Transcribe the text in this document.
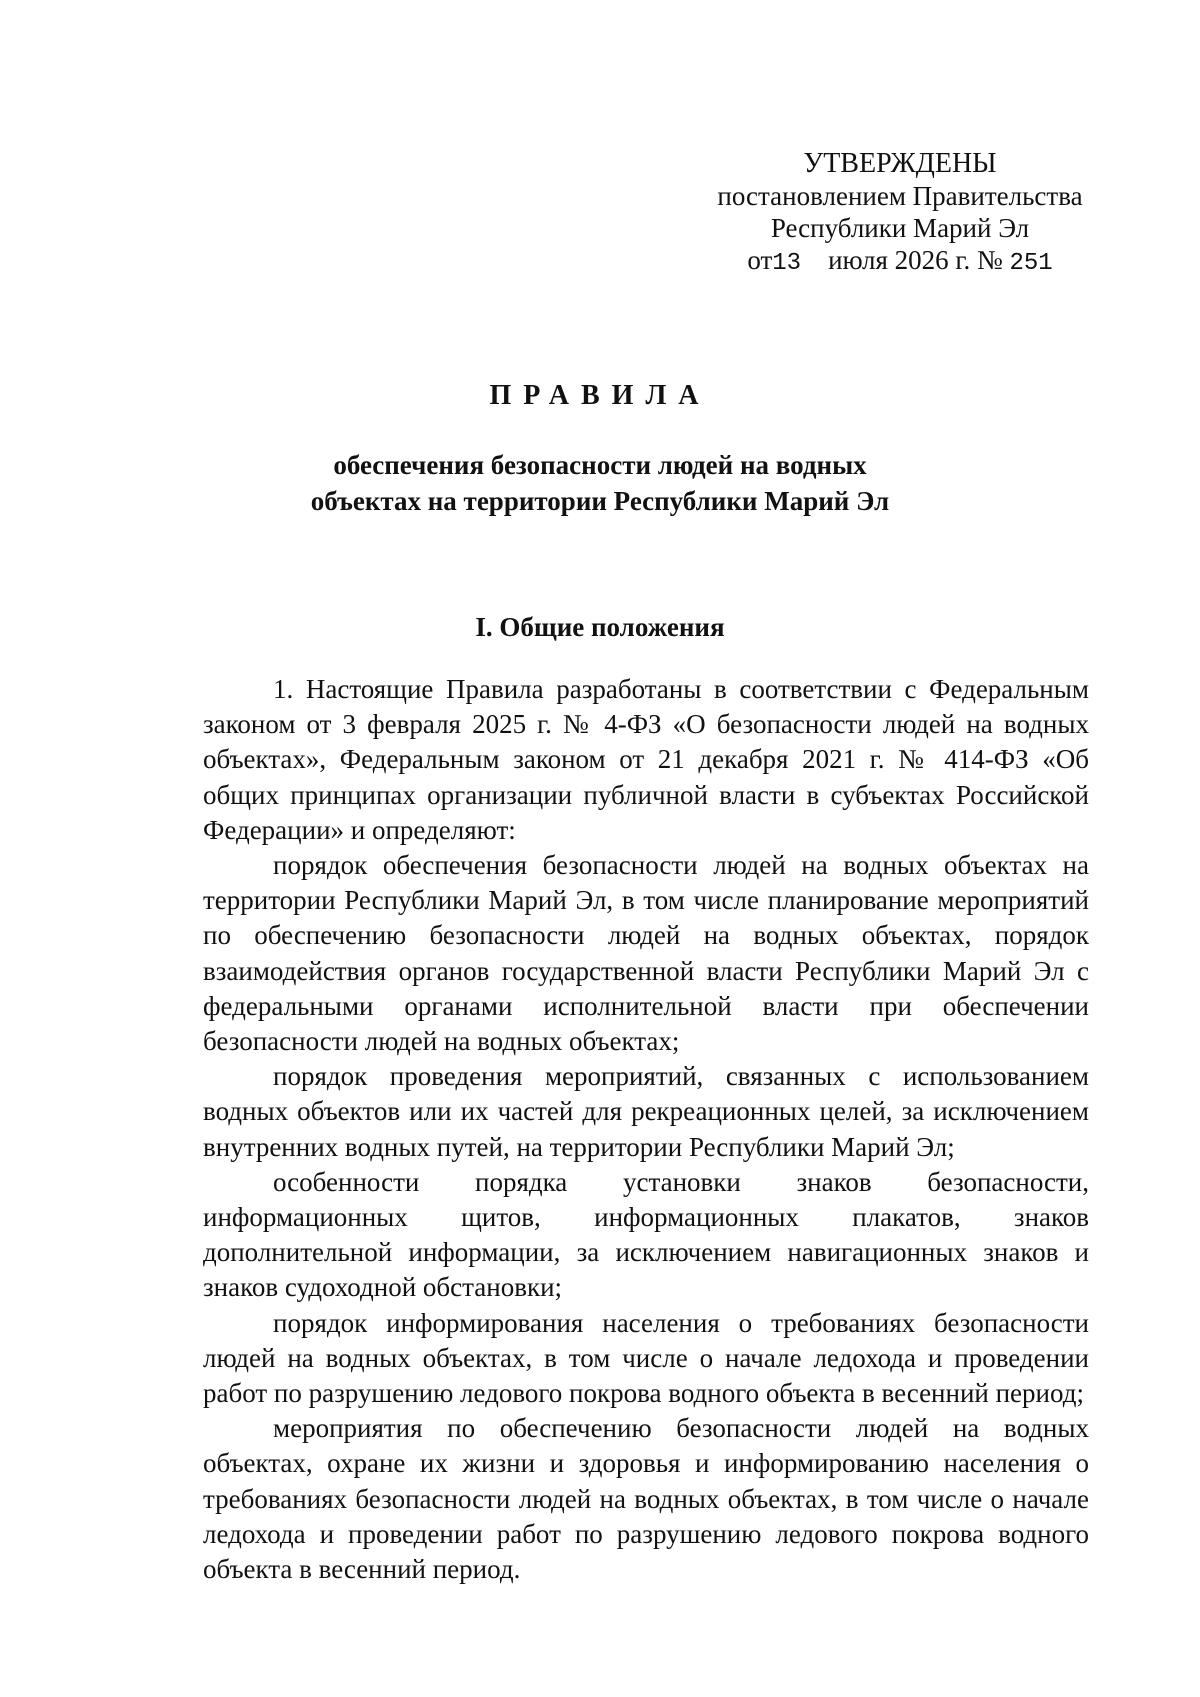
УТВЕРЖДЕНЫ
постановлением Правительства
Республики Марий Эл
от13 июля 2026 г. № 251
ПРАВИЛА
обеспечения безопасности людей на водных
объектах на территории Республики Марий Эл
I. Общие положения

1. Настоящие Правила разработаны в соответствии с Федеральным законом от 3 февраля 2025 г. № 4-ФЗ «О безопасности людей на водных объектах», Федеральным законом от 21 декабря 2021 г. № 414-ФЗ «Об общих принципах организации публичной власти в субъектах Российской Федерации» и определяют:

порядок обеспечения безопасности людей на водных объектах на территории Республики Марий Эл, в том числе планирование мероприятий по обеспечению безопасности людей на водных объектах, порядок взаимодействия органов государственной власти Республики Марий Эл с федеральными органами исполнительной власти при обеспечении безопасности людей на водных объектах;

порядок проведения мероприятий, связанных с использованием водных объектов или их частей для рекреационных целей, за исключением внутренних водных путей, на территории Республики Марий Эл;

особенности порядка установки знаков безопасности, информационных щитов, информационных плакатов, знаков дополнительной информации, за исключением навигационных знаков и знаков судоходной обстановки;

порядок информирования населения о требованиях безопасности людей на водных объектах, в том числе о начале ледохода и проведении работ по разрушению ледового покрова водного объекта в весенний период;

мероприятия по обеспечению безопасности людей на водных объектах, охране их жизни и здоровья и информированию населения о требованиях безопасности людей на водных объектах, в том числе о начале ледохода и проведении работ по разрушению ледового покрова водного объекта в весенний период.
